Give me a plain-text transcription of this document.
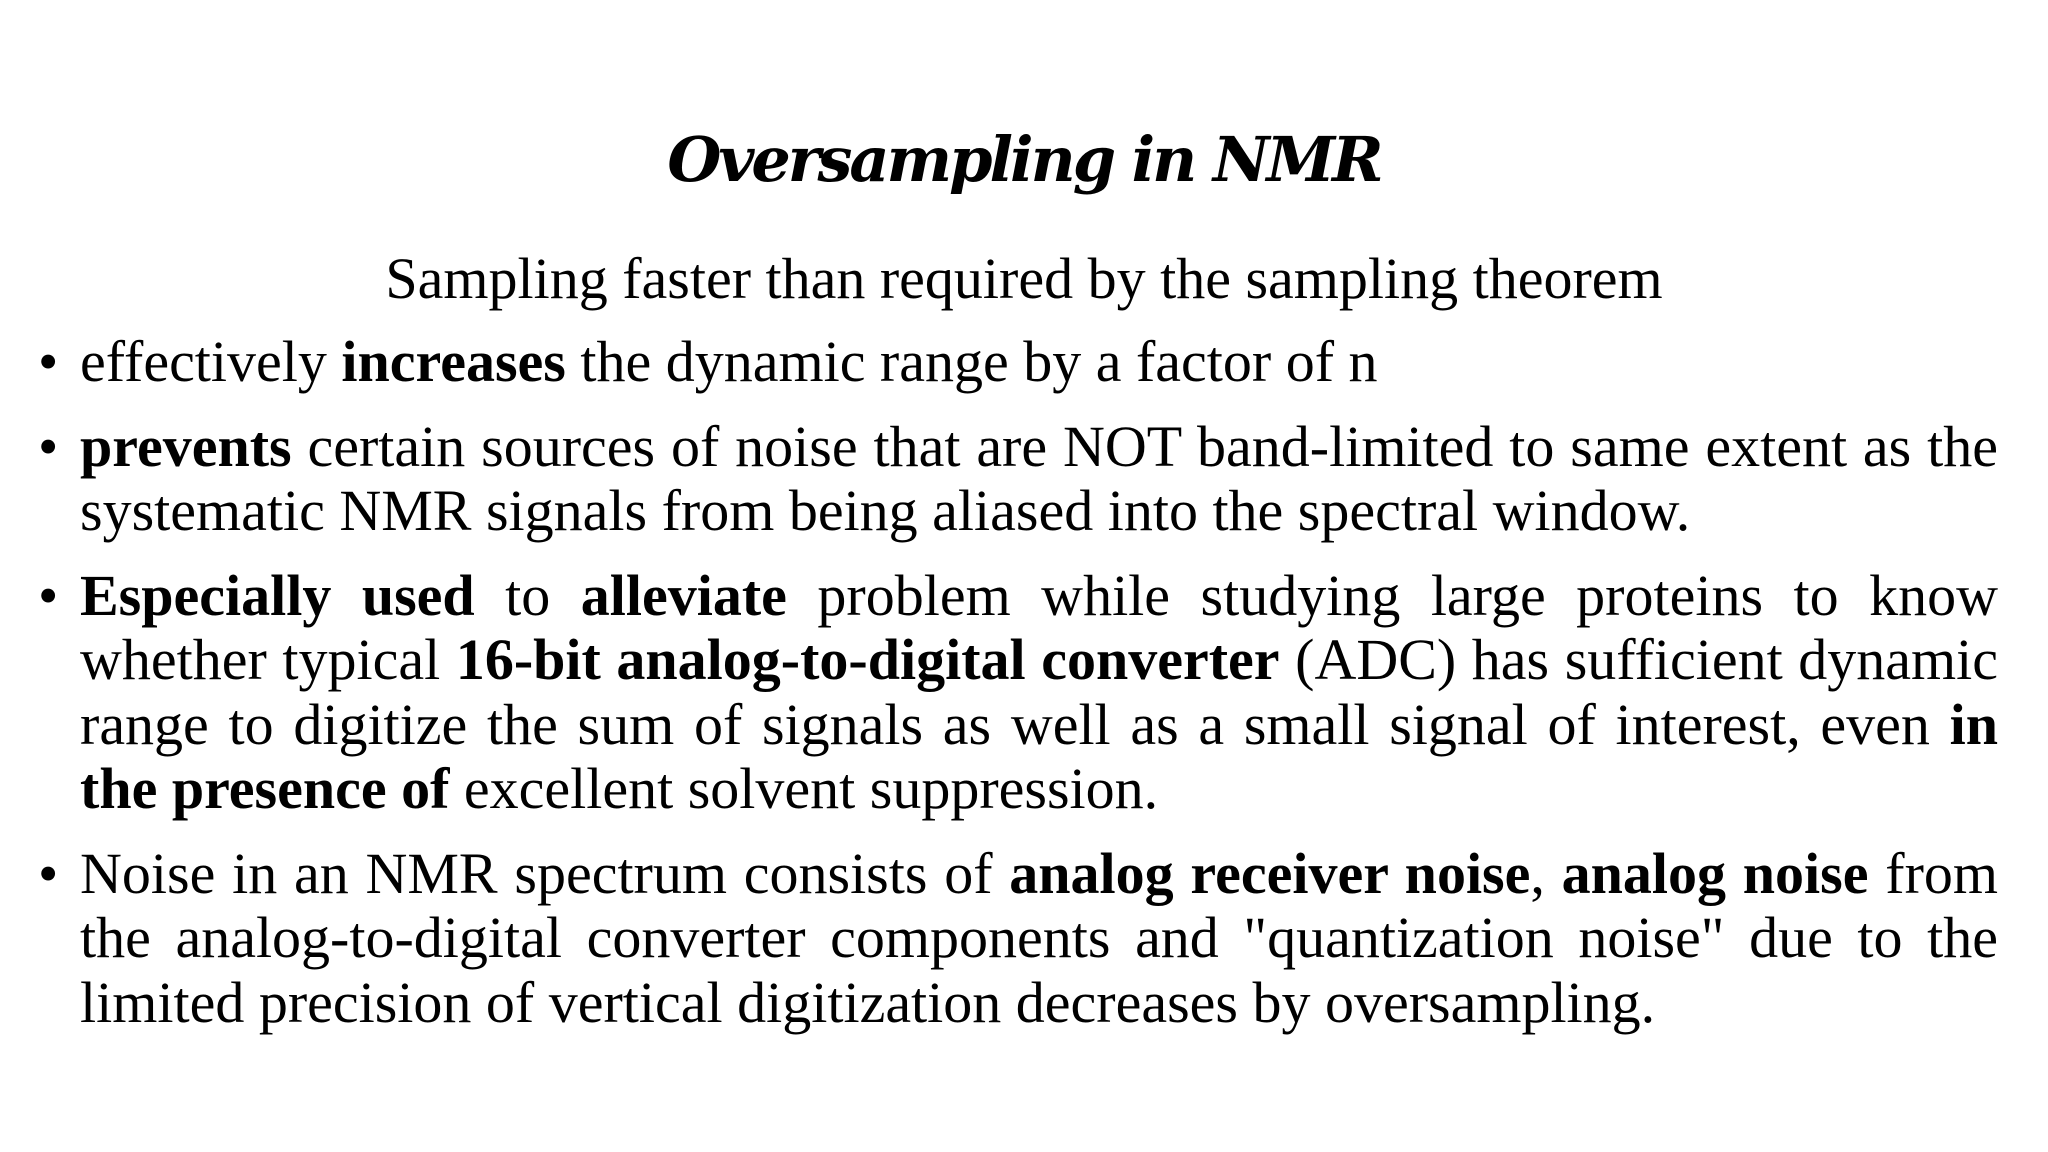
Oversampling in NMR
Sampling faster than required by the sampling theorem
• effectively increases the dynamic range by a factor of n
• prevents certain sources of noise that are NOT band-limited to same extent as the systematic NMR signals from being aliased into the spectral window.
• Especially used to alleviate problem while studying large proteins to know whether typical 16-bit analog-to-digital converter (ADC) has sufficient dynamic range to digitize the sum of signals as well as a small signal of interest, even in the presence of excellent solvent suppression.
• Noise in an NMR spectrum consists of analog receiver noise, analog noise from the analog-to-digital converter components and "quantization noise" due to the limited precision of vertical digitization decreases by oversampling.
